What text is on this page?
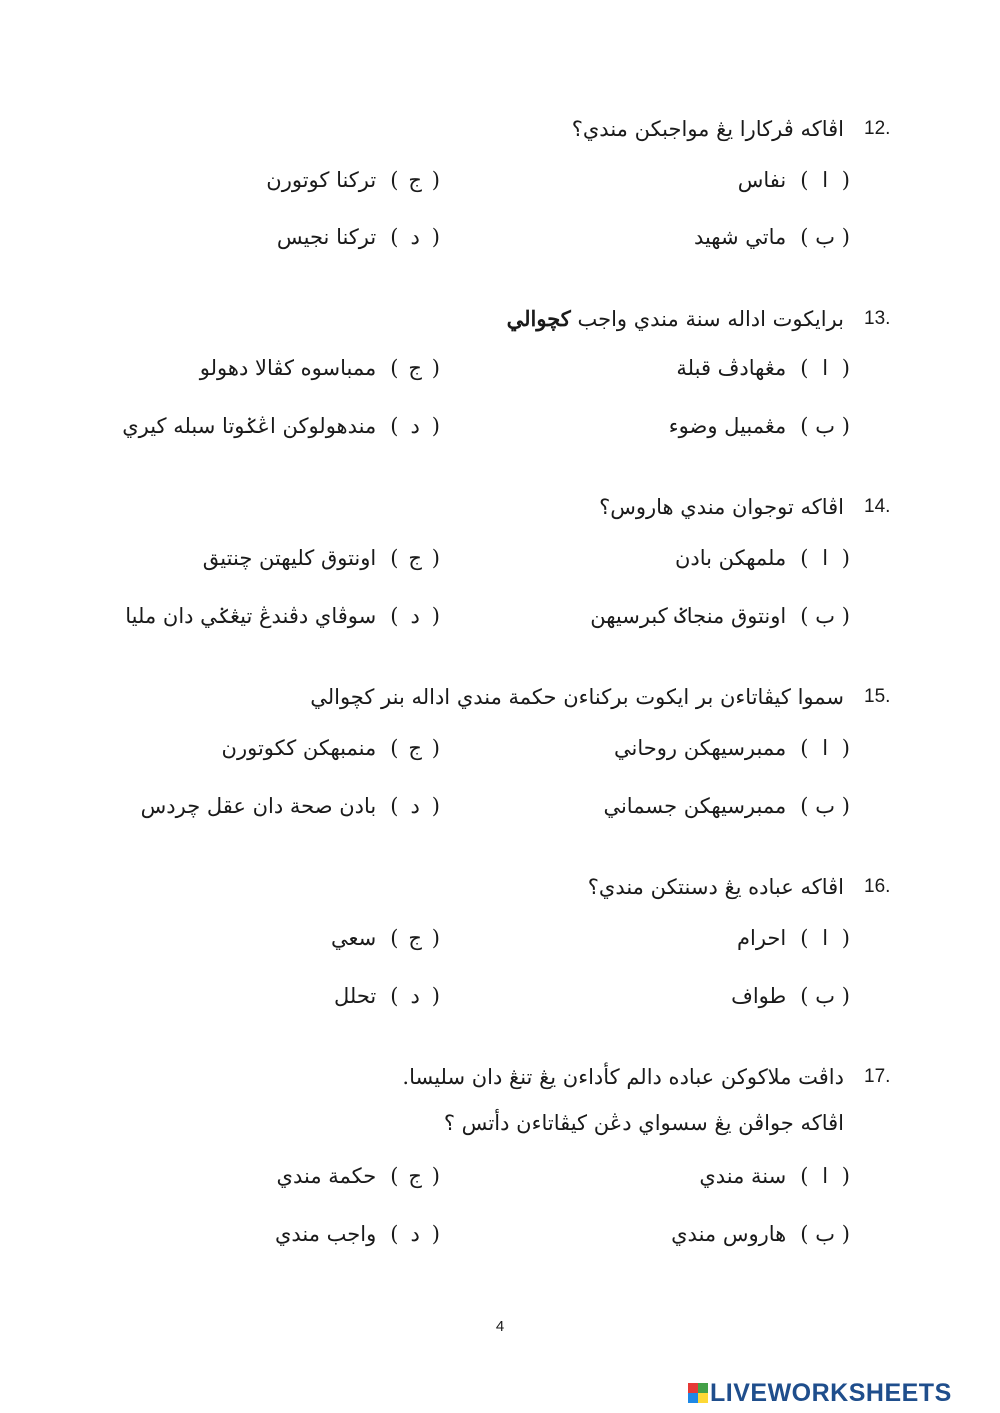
12.
اڤاكه ڤركارا يڠ مواجبكن مندي؟
( ا )نفاس
( ب )ماتي شهيد
( ج )تركنا كوتورن
( د )تركنا نجيس
13.
برايكوت اداله سنة مندي واجب كچوالي
( ا )مڠهادڤ قبلة
( ب )مڠمبيل وضوء
( ج )ممباسوه كڤالا دهولو
( د )مندهولوكن اڠݢوتا سبله كيري
14.
اڤاكه توجوان مندي هاروس؟
( ا )ملمهكن بادن
( ب )اونتوق منجاݢ كبرسيهن
( ج )اونتوق كليهتن چنتيق
( د )سوڤاي دڤندڠ تيڠݢي دان مليا
15.
سموا كيڤاتاءن بر ايكوت بركناءن حكمة مندي اداله بنر كچوالي
( ا )ممبرسيهكن روحاني
( ب )ممبرسيهكن جسماني
( ج )منمبهكن ككوتورن
( د )بادن صحة دان عقل چردس
16.
اڤاكه عباده يڠ دسنتكن مندي؟
( ا )احرام
( ب )طواف
( ج )سعي
( د )تحلل
17.
داڤت ملاكوكن عباده دالم كأداءن يڠ تنڠ دان سليسا.
اڤاكه جواڤن يڠ سسواي دڠن كيڤاتاءن دأتس ؟
( ا )سنة مندي
( ب )هاروس مندي
( ج )حكمة مندي
( د )واجب مندي
4
LIVEWORKSHEETS
